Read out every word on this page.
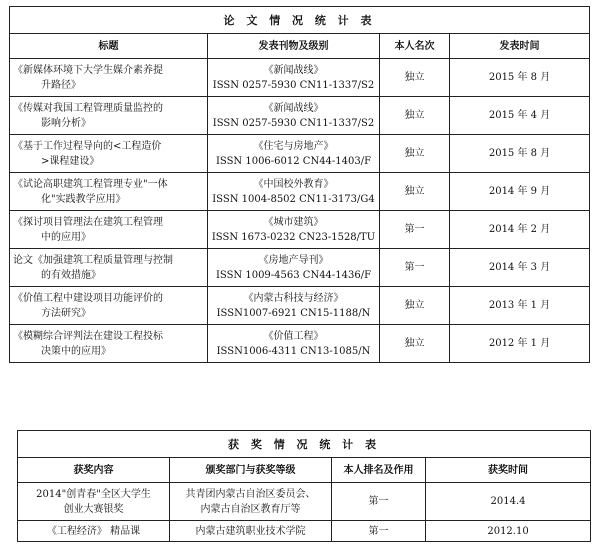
论 文 情 况 统 计 表			
标题	发表刊物及级别	本人名次	发表时间

《新媒体环境下大学生媒介素养提
升路径》	《新闻战线》
ISSN 0257-5930 CN11-1337/S2	独立	2015 年 8 月

《传媒对我国工程管理质量监控的
影响分析》	《新闻战线》
ISSN 0257-5930 CN11-1337/S2	独立	2015 年 4 月

《基于工作过程导向的<工程造价
>课程建设》	《住宅与房地产》
ISSN 1006-6012 CN44-1403/F	独立	2015 年 8 月

《试论高职建筑工程管理专业"一体
化"实践教学应用》	《中国校外教育》
ISSN 1004-8502 CN11-3173/G4	独立	2014 年 9 月

《探讨项目管理法在建筑工程管理
中的应用》	《城市建筑》
ISSN 1673-0232 CN23-1528/TU	第一	2014 年 2 月

论文《加强建筑工程质量管理与控制
的有效措施》	《房地产导刊》
ISSN 1009-4563 CN44-1436/F	第一	2014 年 3 月

《价值工程中建设项目功能评价的
方法研究》	《内蒙古科技与经济》
ISSN1007-6921 CN15-1188/N	独立	2013 年 1 月

《模糊综合评判法在建设工程投标
决策中的应用》	《价值工程》
ISSN1006-4311 CN13-1085/N	独立	2012 年 1 月
获 奖 情 况 统 计 表			
获奖内容	颁奖部门与获奖等级	本人排名及作用	获奖时间

2014"创青春"全区大学生
创业大赛银奖	共青团内蒙古自治区委员会、
内蒙古自治区教育厅等	第一	2014.4

《工程经济》 精品课	内蒙古建筑职业技术学院	第一	2012.10
